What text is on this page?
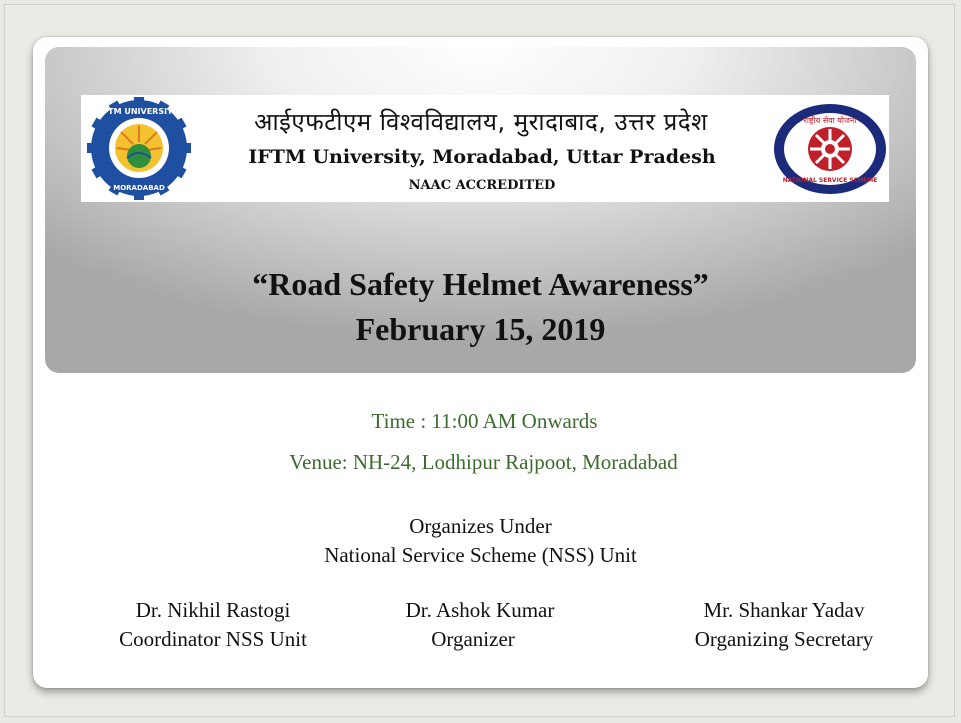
IFTM UNIVERSITY
MORADABAD
आईएफटीएम विश्वविद्यालय, मुरादाबाद, उत्तर प्रदेश
IFTM University, Moradabad, Uttar Pradesh
NAAC ACCREDITED
राष्ट्रीय सेवा योजना
NATIONAL SERVICE SCHEME
“Road Safety Helmet Awareness”
February 15, 2019
Time : 11:00 AM Onwards
Venue: NH-24, Lodhipur Rajpoot, Moradabad
Organizes Under
National Service Scheme (NSS) Unit
Dr. Nikhil Rastogi
Coordinator NSS Unit
Dr. Ashok Kumar
Organizer
Mr. Shankar Yadav
Organizing Secretary
